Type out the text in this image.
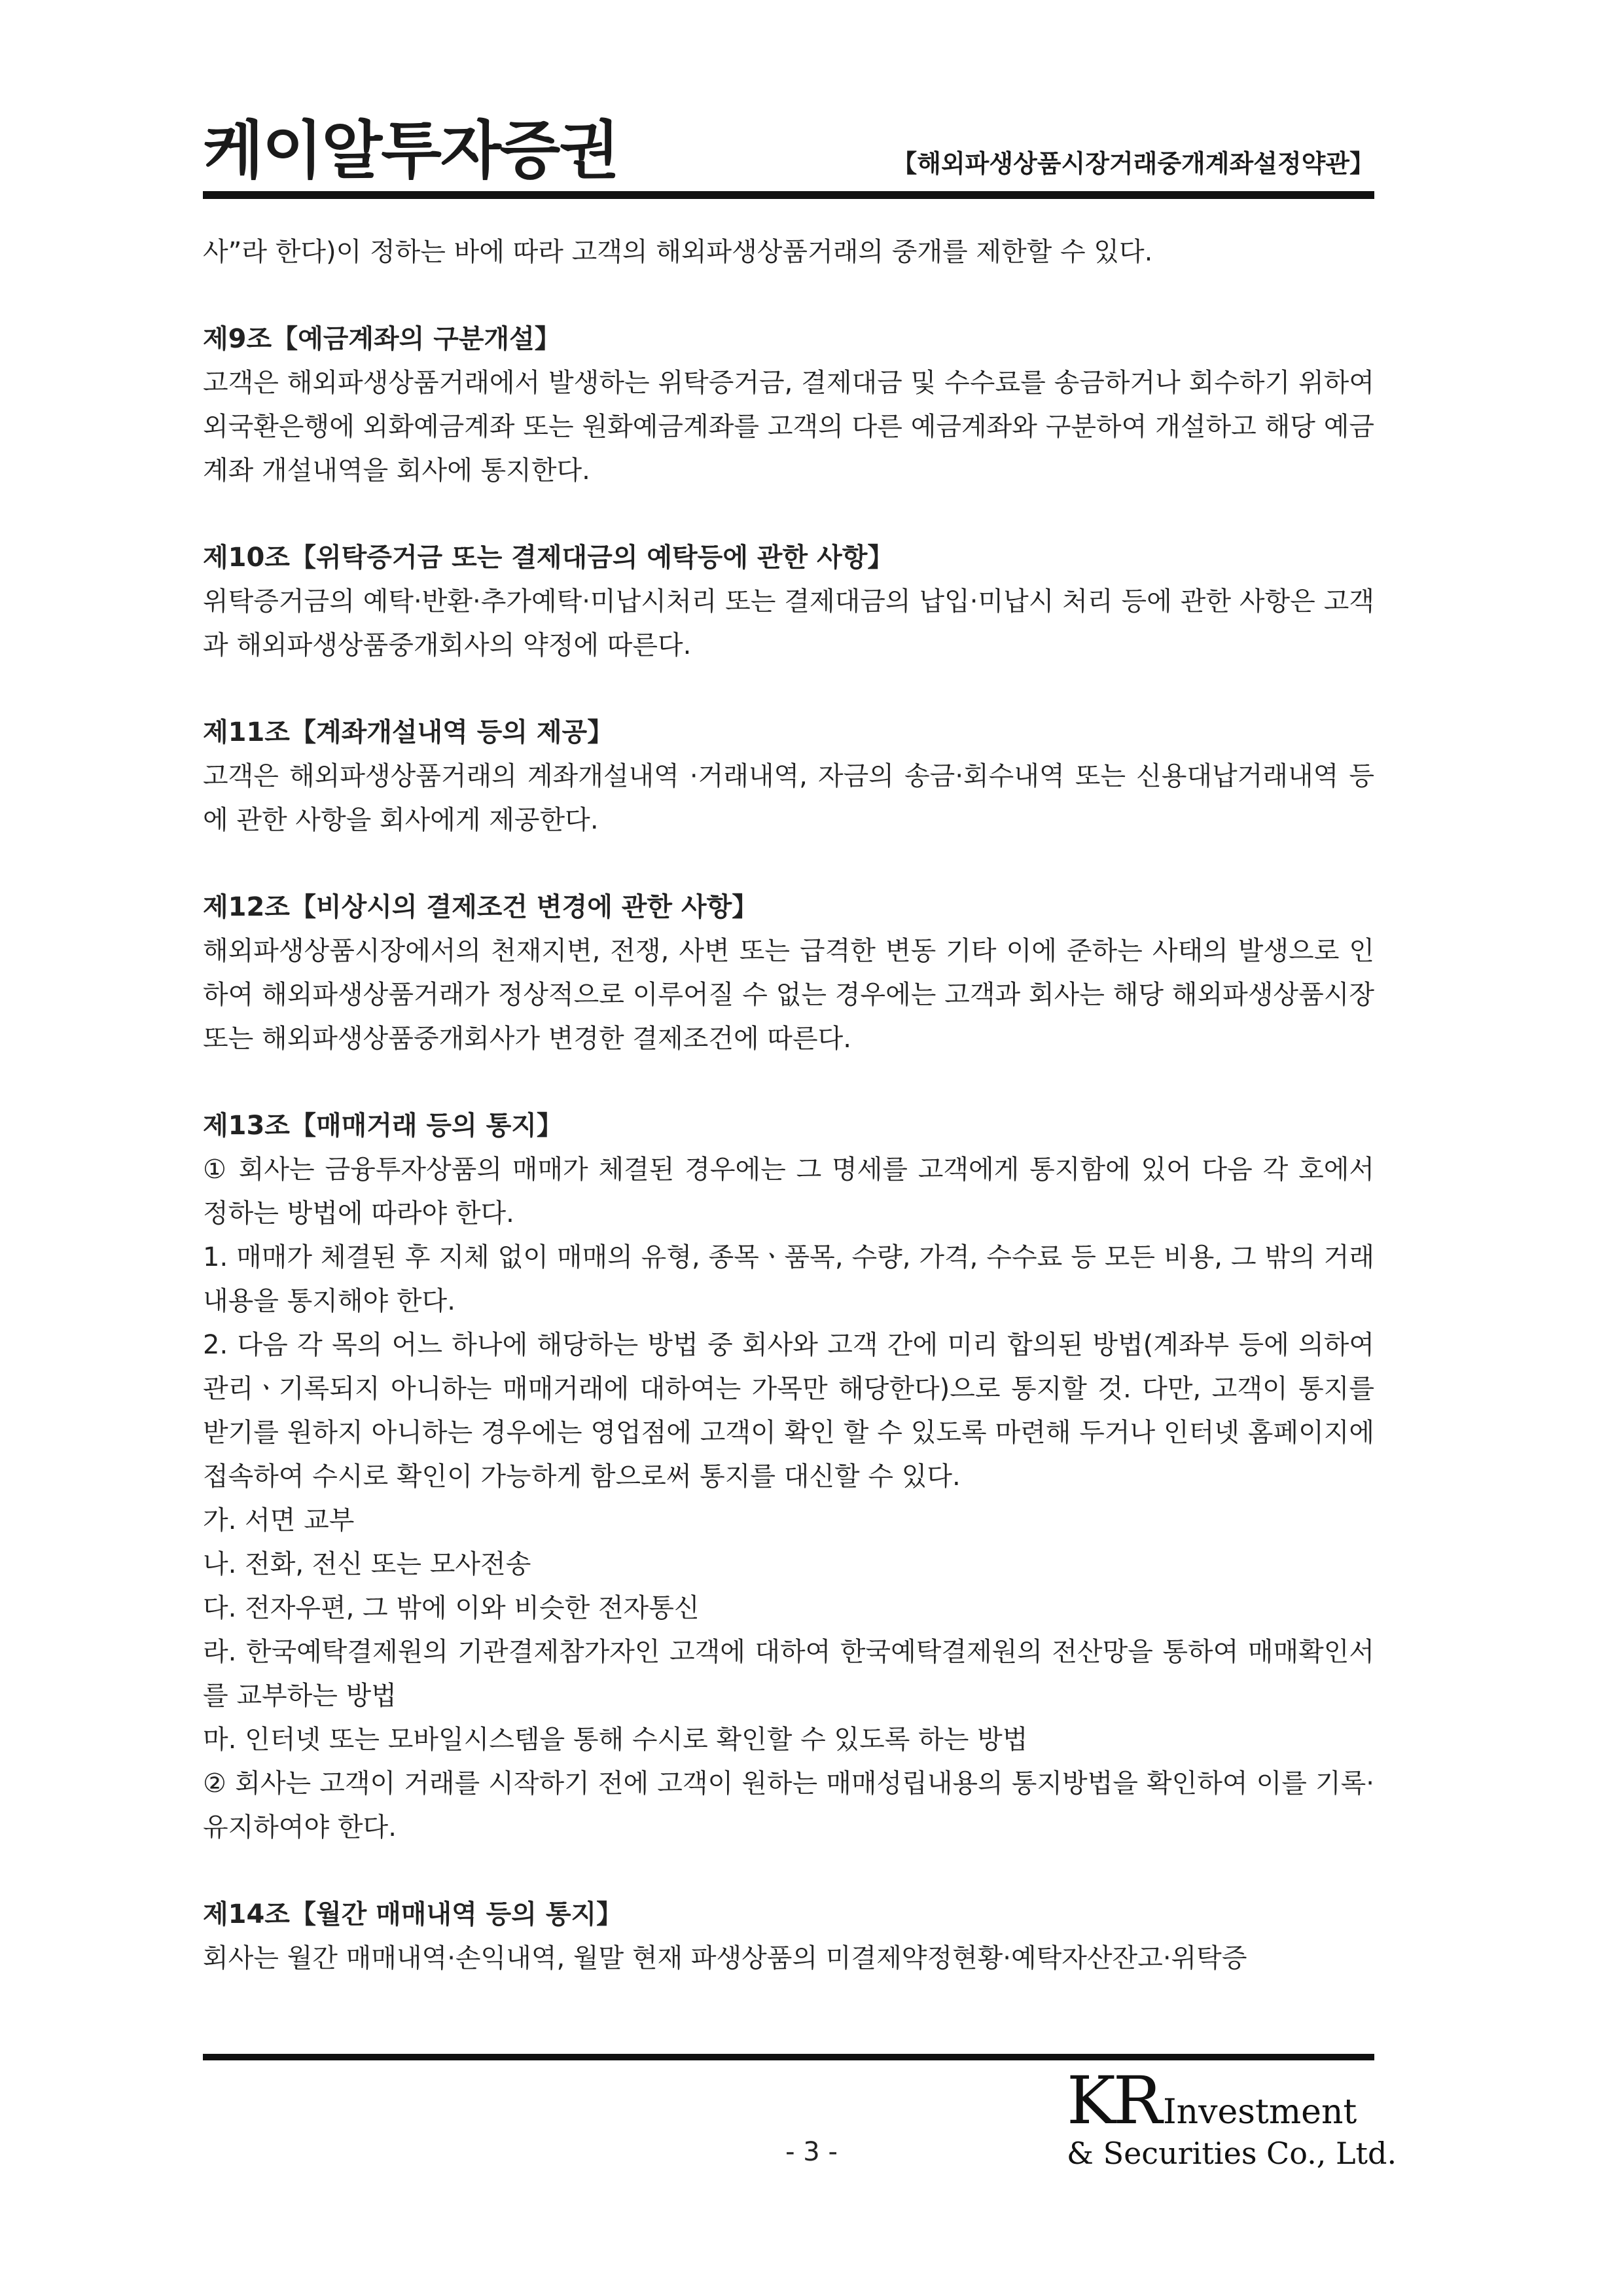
케이알투자증권	【해외파생상품시장거래중개계좌설정약관】

사”라 한다)이 정하는 바에 따라 고객의 해외파생상품거래의 중개를 제한할 수 있다.

제9조【예금계좌의 구분개설】

고객은 해외파생상품거래에서 발생하는 위탁증거금, 결제대금 및 수수료를 송금하거나 회수하기 위하여 외국환은행에 외화예금계좌 또는 원화예금계좌를 고객의 다른 예금계좌와 구분하여 개설하고 해당 예금계좌 개설내역을 회사에 통지한다.

제10조【위탁증거금 또는 결제대금의 예탁등에 관한 사항】

위탁증거금의 예탁·반환·추가예탁·미납시처리 또는 결제대금의 납입·미납시 처리 등에 관한 사항은 고객과 해외파생상품중개회사의 약정에 따른다.

제11조【계좌개설내역 등의 제공】

고객은 해외파생상품거래의 계좌개설내역 ·거래내역, 자금의 송금·회수내역 또는 신용대납거래내역 등에 관한 사항을 회사에게 제공한다.

제12조【비상시의 결제조건 변경에 관한 사항】

해외파생상품시장에서의 천재지변, 전쟁, 사변 또는 급격한 변동 기타 이에 준하는 사태의 발생으로 인하여 해외파생상품거래가 정상적으로 이루어질 수 없는 경우에는 고객과 회사는 해당 해외파생상품시장 또는 해외파생상품중개회사가 변경한 결제조건에 따른다.

제13조【매매거래 등의 통지】

① 회사는 금융투자상품의 매매가 체결된 경우에는 그 명세를 고객에게 통지함에 있어 다음 각 호에서 정하는 방법에 따라야 한다.

1. 매매가 체결된 후 지체 없이 매매의 유형, 종목ㆍ품목, 수량, 가격, 수수료 등 모든 비용, 그 밖의 거래내용을 통지해야 한다.

2. 다음 각 목의 어느 하나에 해당하는 방법 중 회사와 고객 간에 미리 합의된 방법(계좌부 등에 의하여 관리ㆍ기록되지 아니하는 매매거래에 대하여는 가목만 해당한다)으로 통지할 것. 다만, 고객이 통지를 받기를 원하지 아니하는 경우에는 영업점에 고객이 확인 할 수 있도록 마련해 두거나 인터넷 홈페이지에 접속하여 수시로 확인이 가능하게 함으로써 통지를 대신할 수 있다.

가. 서면 교부

나. 전화, 전신 또는 모사전송

다. 전자우편, 그 밖에 이와 비슷한 전자통신

라. 한국예탁결제원의 기관결제참가자인 고객에 대하여 한국예탁결제원의 전산망을 통하여 매매확인서를 교부하는 방법

마. 인터넷 또는 모바일시스템을 통해 수시로 확인할 수 있도록 하는 방법

② 회사는 고객이 거래를 시작하기 전에 고객이 원하는 매매성립내용의 통지방법을 확인하여 이를 기록·유지하여야 한다.

제14조【월간 매매내역 등의 통지】

회사는 월간 매매내역·손익내역, 월말 현재 파생상품의 미결제약정현황·예탁자산잔고·위탁증

- 3 -
KR Investment
& Securities Co., Ltd.
